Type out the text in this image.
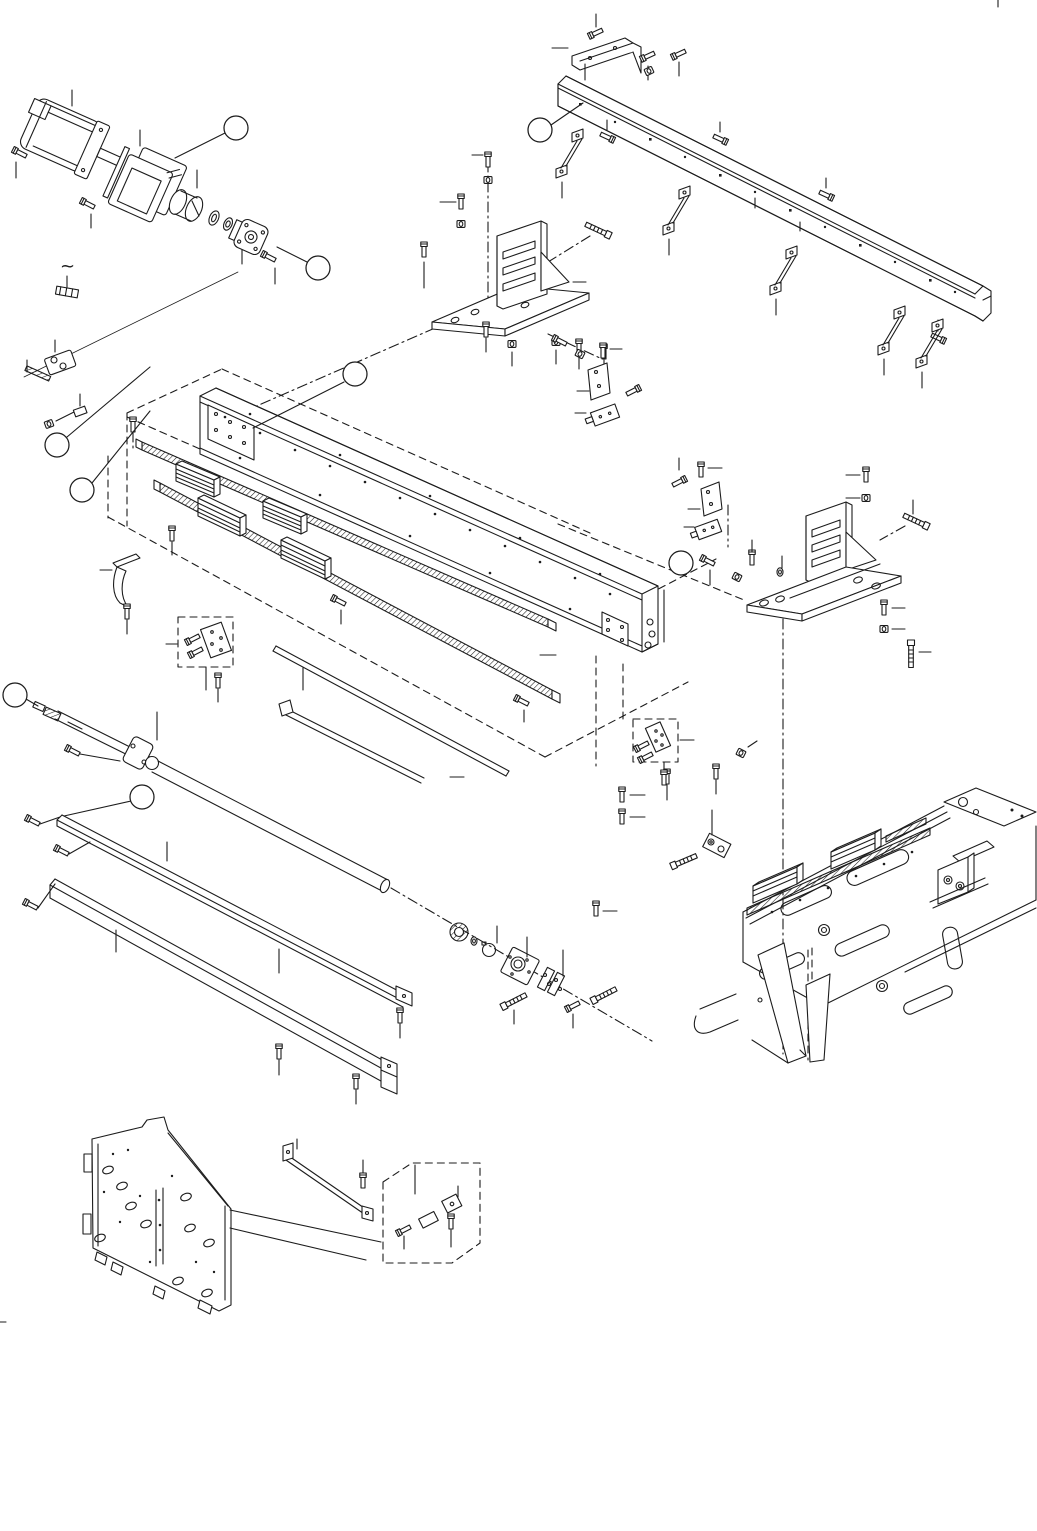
~
